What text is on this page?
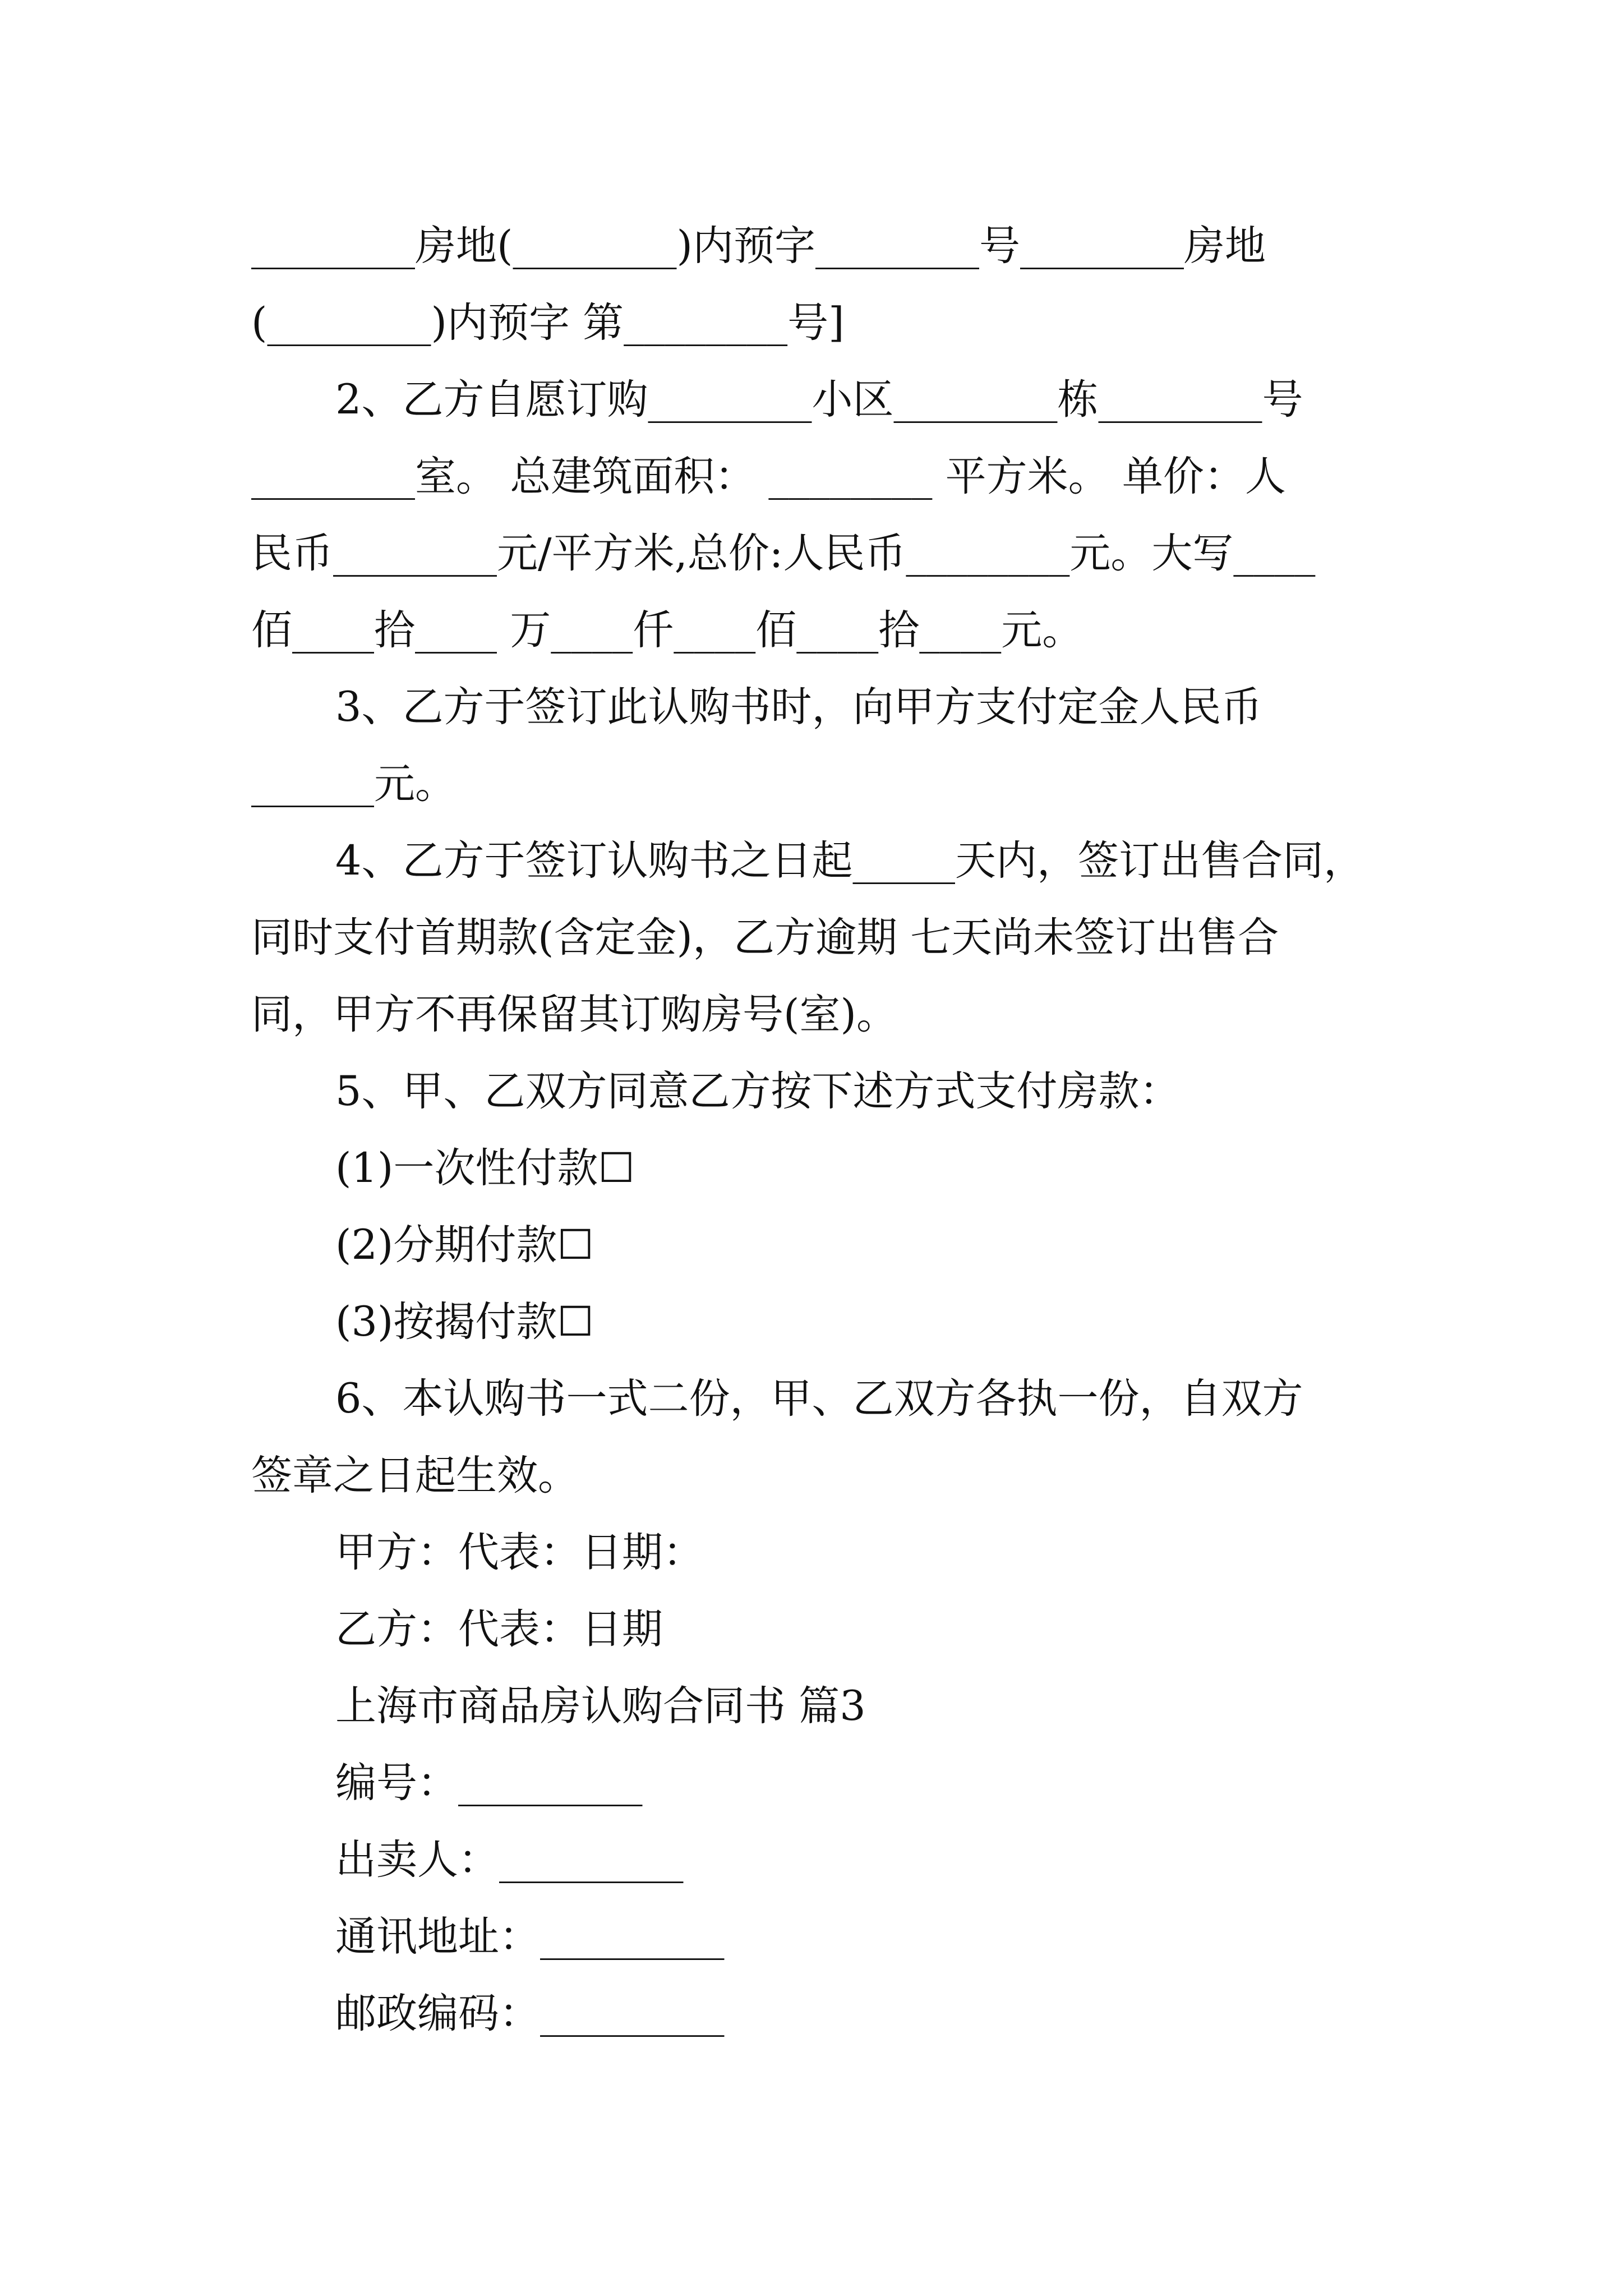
________房地(________)内预字________号________房地
(________)内预字 第________号]
2、乙方自愿订购________小区________栋________号
________室。 总建筑面积： ________ 平方米。 单价：人
民币________元/平方米,总价:人民币________元。大写____
佰____拾____ 万____仟____佰____拾____元。
3、乙方于签订此认购书时，向甲方支付定金人民币
______元。
4、乙方于签订认购书之日起_____天内，签订出售合同，
同时支付首期款(含定金)，乙方逾期 七天尚未签订出售合
同，甲方不再保留其订购房号(室)。
5、甲、乙双方同意乙方按下述方式支付房款：
(1)一次性付款☐
(2)分期付款☐
(3)按揭付款☐
6、本认购书一式二份，甲、乙双方各执一份，自双方
签章之日起生效。
甲方：代表：日期：
乙方：代表：日期
上海市商品房认购合同书 篇3
编号：_________
出卖人：_________
通讯地址：_________
邮政编码：_________
